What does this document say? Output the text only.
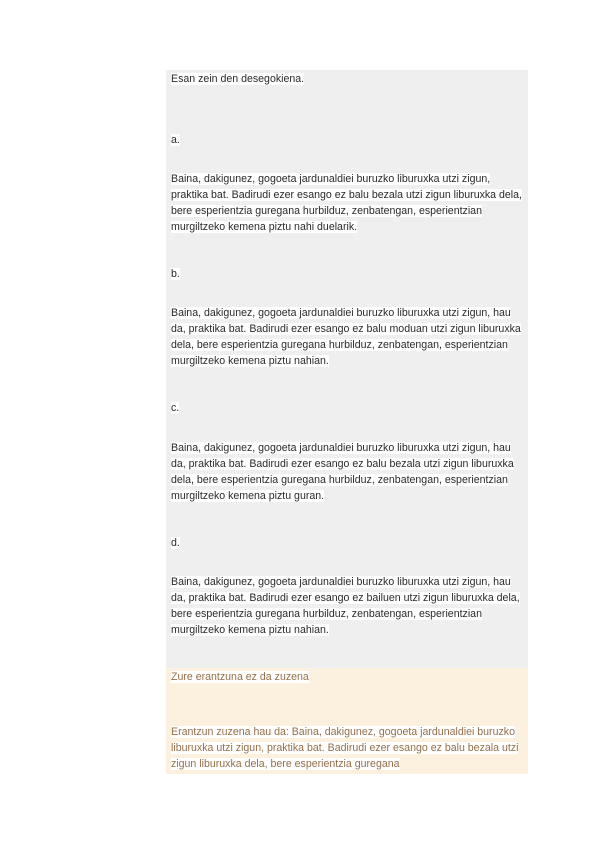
Esan zein den desegokiena.

a.

Baina, dakigunez, gogoeta jardunaldiei buruzko liburuxka utzi zigun, praktika bat. Badirudi ezer esango ez balu bezala utzi zigun liburuxka dela, bere esperientzia guregana hurbilduz, zenbatengan, esperientzian murgiltzeko kemena piztu nahi duelarik.

b.

Baina, dakigunez, gogoeta jardunaldiei buruzko liburuxka utzi zigun, hau da, praktika bat. Badirudi ezer esango ez balu moduan utzi zigun liburuxka dela, bere esperientzia guregana hurbilduz, zenbatengan, esperientzian murgiltzeko kemena piztu nahian.

c.

Baina, dakigunez, gogoeta jardunaldiei buruzko liburuxka utzi zigun, hau da, praktika bat. Badirudi ezer esango ez balu bezala utzi zigun liburuxka dela, bere esperientzia guregana hurbilduz, zenbatengan, esperientzian murgiltzeko kemena piztu guran.

d.

Baina, dakigunez, gogoeta jardunaldiei buruzko liburuxka utzi zigun, hau da, praktika bat. Badirudi ezer esango ez bailuen utzi zigun liburuxka dela, bere esperientzia guregana hurbilduz, zenbatengan, esperientzian murgiltzeko kemena piztu nahian.

Zure erantzuna ez da zuzena

Erantzun zuzena hau da: Baina, dakigunez, gogoeta jardunaldiei buruzko liburuxka utzi zigun, praktika bat. Badirudi ezer esango ez balu bezala utzi zigun liburuxka dela, bere esperientzia guregana
